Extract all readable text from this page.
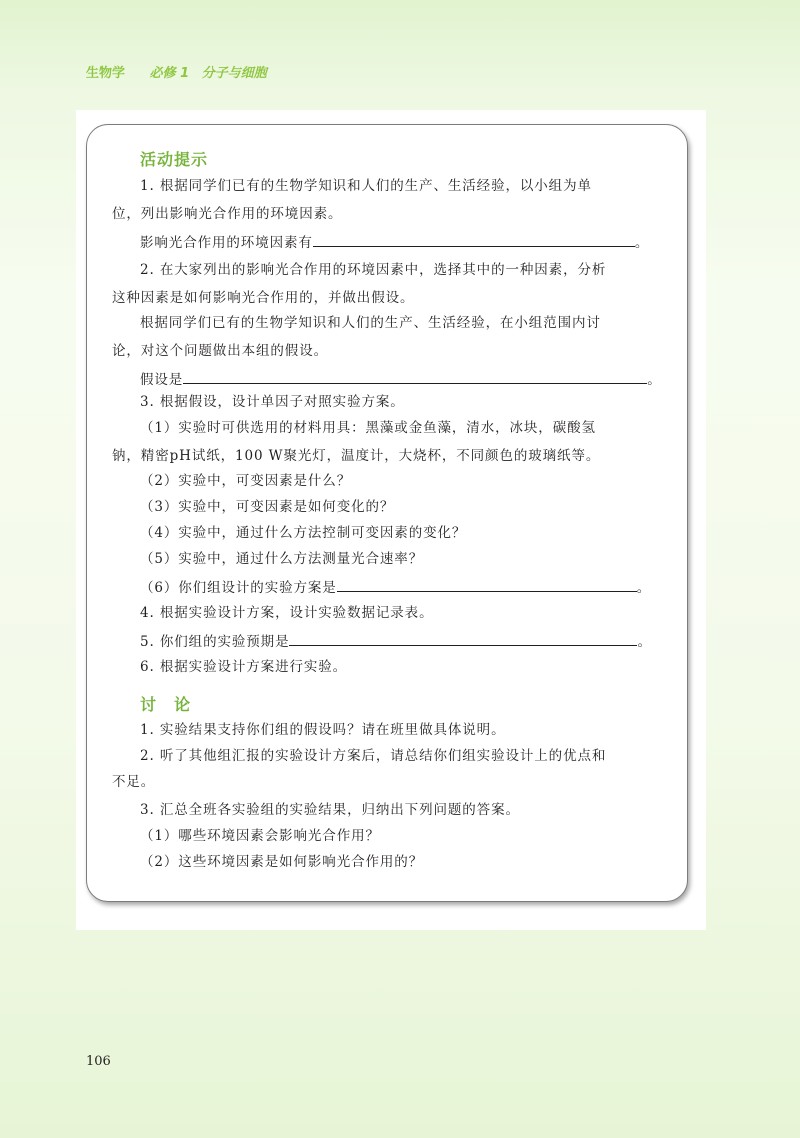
生物学 必修 1 分子与细胞
活动提示
1. 根据同学们已有的生物学知识和人们的生产、生活经验，以小组为单
位，列出影响光合作用的环境因素。
影响光合作用的环境因素有	。
2. 在大家列出的影响光合作用的环境因素中，选择其中的一种因素，分析
这种因素是如何影响光合作用的，并做出假设。
根据同学们已有的生物学知识和人们的生产、生活经验，在小组范围内讨
论，对这个问题做出本组的假设。
假设是	。
3. 根据假设，设计单因子对照实验方案。
（1）实验时可供选用的材料用具：黑藻或金鱼藻，清水，冰块，碳酸氢
钠，精密pH试纸，100 W聚光灯，温度计，大烧杯，不同颜色的玻璃纸等。
（2）实验中，可变因素是什么？
（3）实验中，可变因素是如何变化的？
（4）实验中，通过什么方法控制可变因素的变化？
（5）实验中，通过什么方法测量光合速率？
（6）你们组设计的实验方案是	。
4. 根据实验设计方案，设计实验数据记录表。
5. 你们组的实验预期是	。
6. 根据实验设计方案进行实验。
讨　论
1. 实验结果支持你们组的假设吗？请在班里做具体说明。
2. 听了其他组汇报的实验设计方案后，请总结你们组实验设计上的优点和
不足。
3. 汇总全班各实验组的实验结果，归纳出下列问题的答案。
（1）哪些环境因素会影响光合作用？
（2）这些环境因素是如何影响光合作用的？
106
